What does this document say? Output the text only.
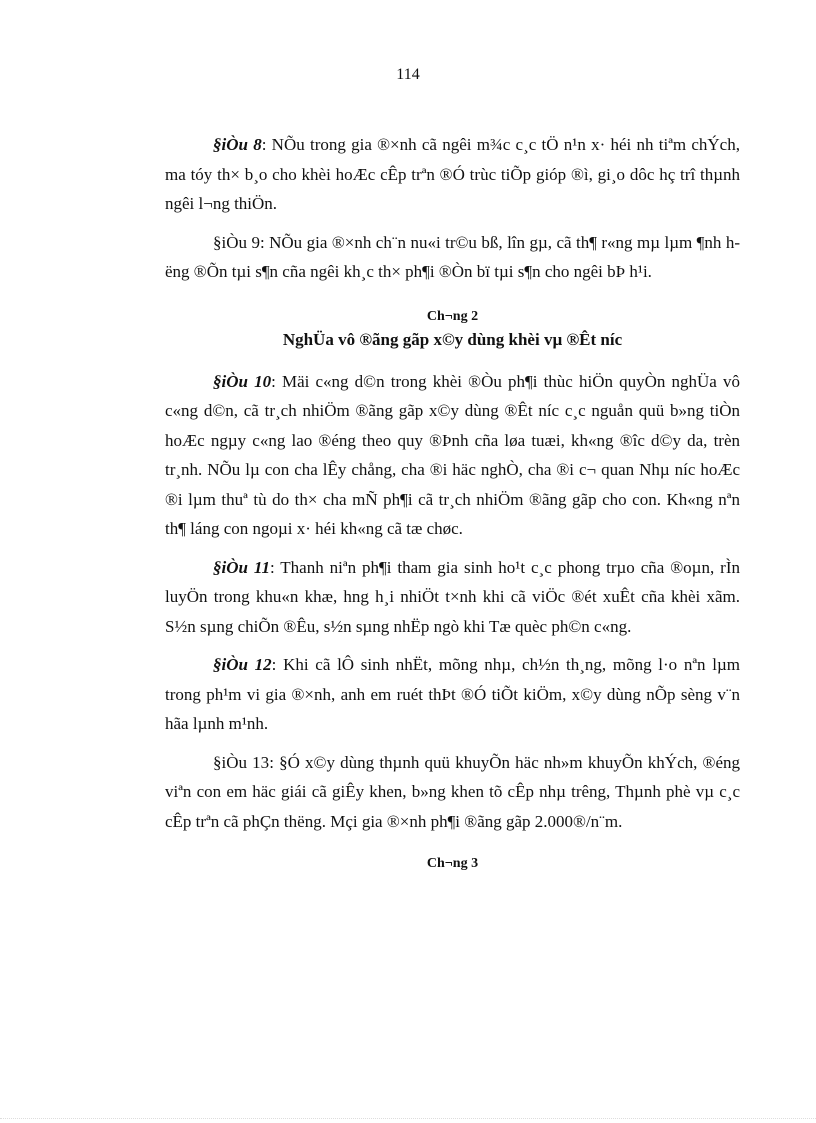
114

§iÒu 8: NÕu trong gia ®×nh cã ngêi m¾c c¸c tÖ n¹n x· héi nh tiªm chÝch, ma tóy th× b¸o cho khèi hoÆc cÊp trªn ®Ó trùc tiÕp gióp ®ì, gi¸o dôc hç trî thµnh ngêi l¬ng thiÖn.

§iÒu 9: NÕu gia ®×nh ch¨n nu«i tr©u bß, lîn gµ, cã th¶ r«ng mµ lµm ¶nh hëng ®Õn tµi s¶n cña ngêi kh¸c th× ph¶i ®Òn bï tµi s¶n cho ngêi bÞ h¹i.

Ch¬ng 2
NghÜa vô ®ãng gãp x©y dùng khèi vµ ®Êt níc

§iÒu 10: Mäi c«ng d©n trong khèi ®Òu ph¶i thùc hiÖn quyÒn nghÜa vô c«ng d©n, cã tr¸ch nhiÖm ®ãng gãp x©y dùng ®Êt níc c¸c nguån quü b»ng tiÒn hoÆc ngµy c«ng lao ®éng theo quy ®Þnh cña løa tuæi, kh«ng ®îc d©y da, trèn tr¸nh. NÕu lµ con cha lÊy chång, cha ®i häc nghÒ, cha ®i c¬ quan Nhµ níc hoÆc ®i lµm thuª tù do th× cha mÑ ph¶i cã tr¸ch nhiÖm ®ãng gãp cho con. Kh«ng nªn th¶ láng con ngoµi x· héi kh«ng cã tæ chøc.

§iÒu 11: Thanh niªn ph¶i tham gia sinh ho¹t c¸c phong trµo cña ®oµn, rÌn luyÖn trong khu«n khæ, hng h¸i nhiÖt t×nh khi cã viÖc ®ét xuÊt cña khèi xãm. S½n sµng chiÕn ®Êu, s½n sµng nhËp ngò khi Tæ quèc ph©n c«ng.

§iÒu 12: Khi cã lÔ sinh nhËt, mõng nhµ, ch½n th¸ng, mõng l·o nªn lµm trong ph¹m vi gia ®×nh, anh em ruét thÞt ®Ó tiÕt kiÖm, x©y dùng nÕp sèng v¨n hãa lµnh m¹nh.

§iÒu 13: §Ó x©y dùng thµnh quü khuyÕn häc nh»m khuyÕn khÝch, ®éng viªn con em häc giái cã giÊy khen, b»ng khen tõ cÊp nhµ trêng, Thµnh phè vµ c¸c cÊp trªn cã phÇn thëng. Mçi gia ®×nh ph¶i ®ãng gãp 2.000®/n¨m.

Ch¬ng 3
